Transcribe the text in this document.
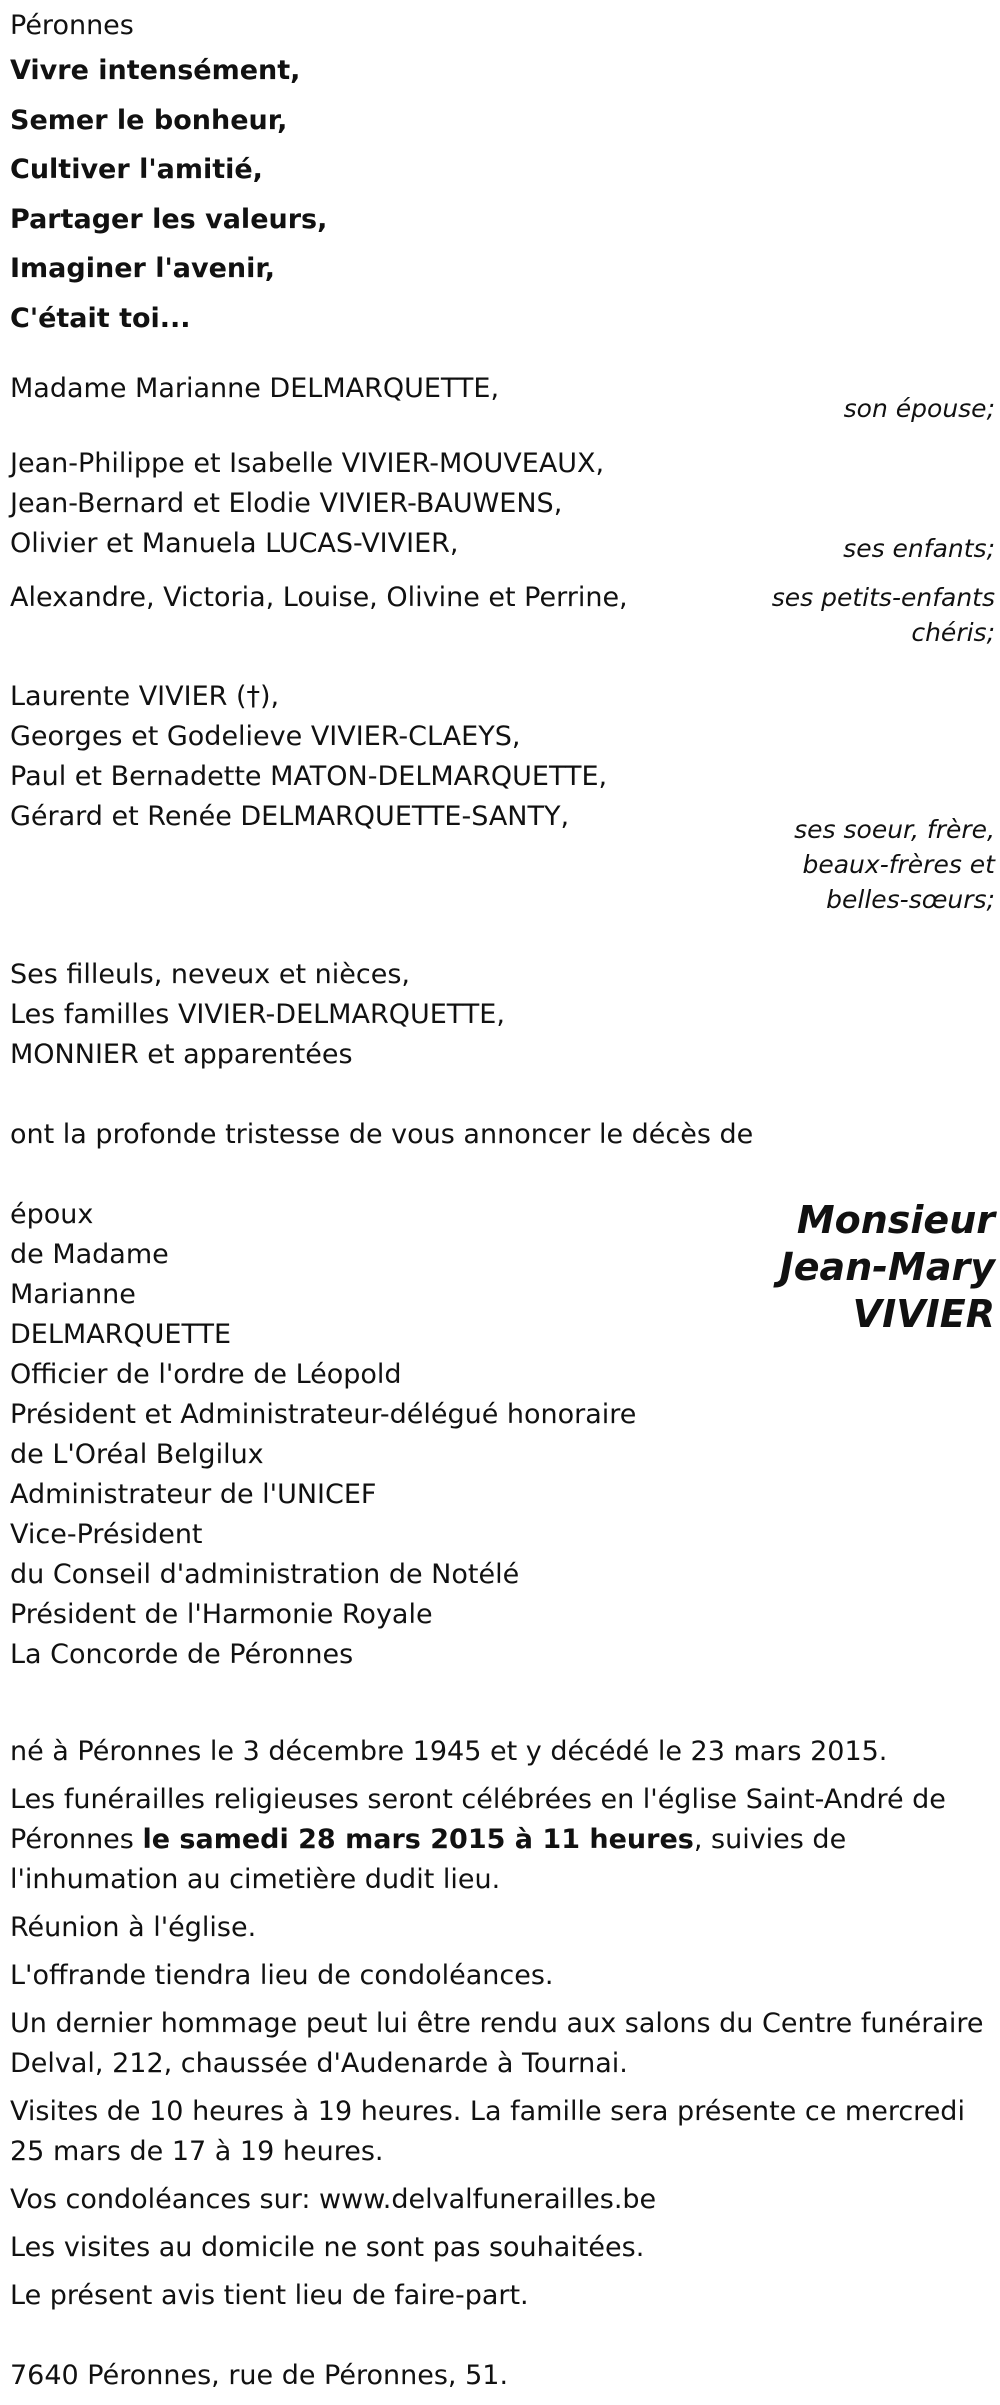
Péronnes
Vivre intensément,
Semer le bonheur,
Cultiver l'amitié,
Partager les valeurs,
Imaginer l'avenir,
C'était toi...
Madame Marianne DELMARQUETTE,
son épouse;
Jean-Philippe et Isabelle VIVIER-MOUVEAUX,
Jean-Bernard et Elodie VIVIER-BAUWENS,
Olivier et Manuela LUCAS-VIVIER,	ses enfants;
Alexandre, Victoria, Louise, Olivine et Perrine,	ses petits-enfants
chéris;
Laurente VIVIER (†),
Georges et Godelieve VIVIER-CLAEYS,
Paul et Bernadette MATON-DELMARQUETTE,
Gérard et Renée DELMARQUETTE-SANTY,	ses soeur, frère,
beaux-frères et
belles-sœurs;
Ses filleuls, neveux et nièces,
Les familles VIVIER-DELMARQUETTE,
MONNIER et apparentées
ont la profonde tristesse de vous annoncer le décès de
époux
de Madame
Marianne
DELMARQUETTE
Officier de l'ordre de Léopold
Président et Administrateur-délégué honoraire
de L'Oréal Belgilux
Administrateur de l'UNICEF
Vice-Président
du Conseil d'administration de Notélé
Président de l'Harmonie Royale
La Concorde de Péronnes
Monsieur
Jean-Mary
VIVIER
né à Péronnes le 3 décembre 1945 et y décédé le 23 mars 2015.
Les funérailles religieuses seront célébrées en l'église Saint-André de Péronnes le samedi 28 mars 2015 à 11 heures, suivies de l'inhumation au cimetière dudit lieu.
Réunion à l'église.
L'offrande tiendra lieu de condoléances.
Un dernier hommage peut lui être rendu aux salons du Centre funéraire Delval, 212, chaussée d'Audenarde à Tournai.
Visites de 10 heures à 19 heures. La famille sera présente ce mercredi 25 mars de 17 à 19 heures.
Vos condoléances sur: www.delvalfunerailles.be
Les visites au domicile ne sont pas souhaitées.
Le présent avis tient lieu de faire-part.
7640 Péronnes, rue de Péronnes, 51.
